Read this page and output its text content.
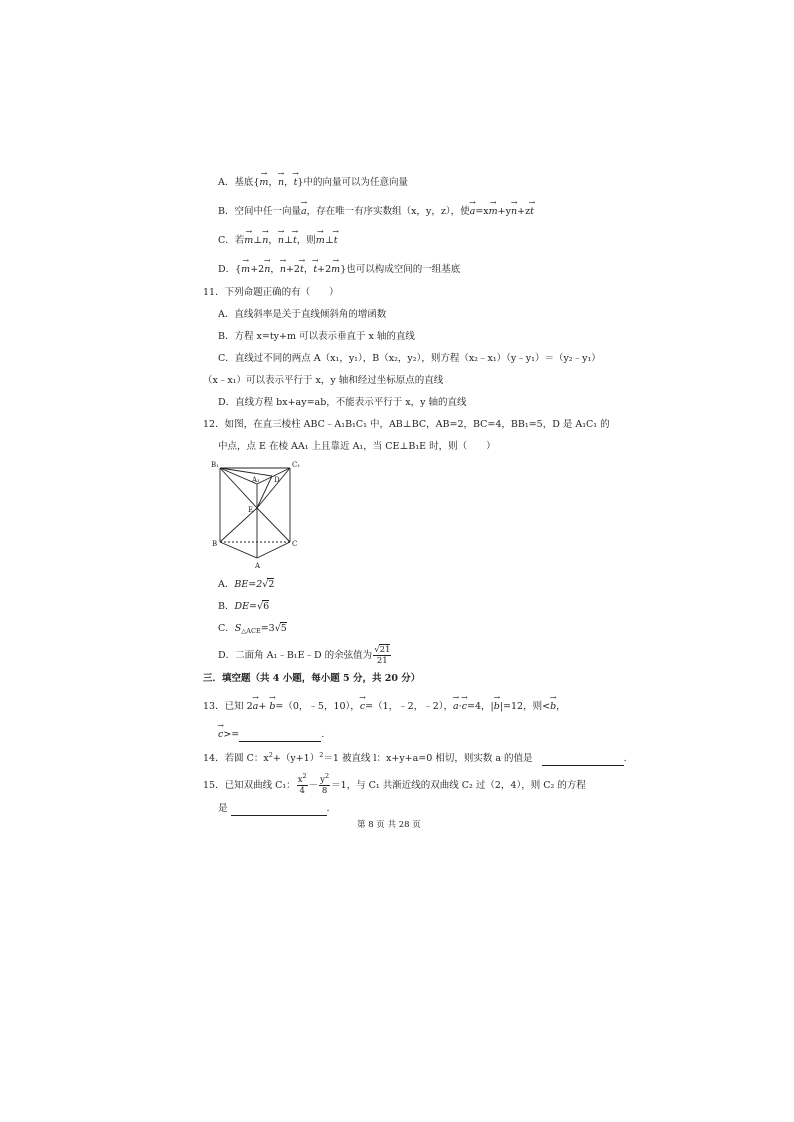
A．基底{→ m，→ n，→ t}中的向量可以为任意向量
B．空间中任一向量→ a，存在唯一有序实数组（x，y，z），使→ a=x→ m+y→ n+z→ t
C．若→ m⊥→ n，→ n⊥→ t，则→ m⊥→ t
D．{→ m+2→ n，→ n+2→ t，→ t+2→ m}也可以构成空间的一组基底
11．下列命题正确的有（　　）
A．直线斜率是关于直线倾斜角的增函数
B．方程 x=ty+m 可以表示垂直于 x 轴的直线
C．直线过不同的两点 A（x₁，y₁），B（x₂，y₂），则方程（x₂﹣x₁）（y﹣y₁）＝（y₂﹣y₁）
（x﹣x₁）可以表示平行于 x，y 轴和经过坐标原点的直线
D．直线方程 bx+ay=ab，不能表示平行于 x，y 轴的直线
12．如图，在直三棱柱 ABC﹣A₁B₁C₁ 中，AB⊥BC，AB=2，BC=4，BB₁=5，D 是 A₁C₁ 的
中点，点 E 在棱 AA₁ 上且靠近 A₁，当 CE⊥B₁E 时，则（　　）
B₁	C₁
A₁ D
E
B	C
A
A．BE=2√2
B．DE=√6
C．$S_{\triangle ACE}=3√5$
D．二面角 A₁﹣B₁E﹣D 的余弦值为 $\frac{√21}{21}$
三．填空题（共 4 小题，每小题 5 分，共 20 分）
13．已知 2→ a+ → b=（0，﹣5，10），→ c=（1，﹣2，﹣2），→ a·→ c=4，|→ b|=12，则<→ b，
→ c>=	.
14．若圆 C：$x^2+(y+1)^2=1$ 被直线 l：x+y+a=0 相切，则实数 a 的值是	.
15．已知双曲线 C₁： $\frac{x^2}{4} - \frac{y^2}{8} =1$，与 C₁ 共渐近线的双曲线 C₂ 过（2，4），则 C₂ 的方程
是	.
第 8 页 共 28 页
